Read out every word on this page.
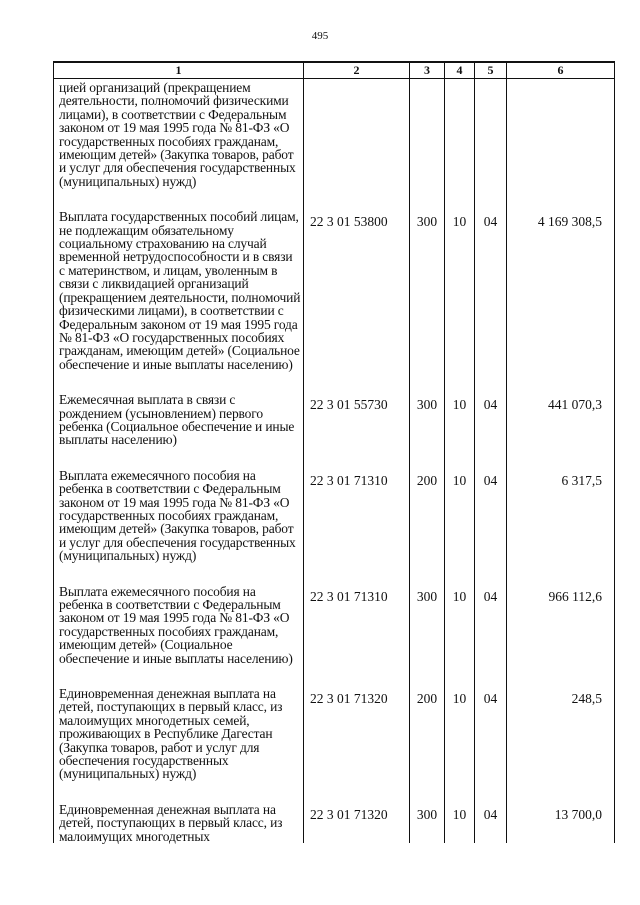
495
1	2	3	4	5	6
цией организаций (прекращением деятельности, полномочий физическими лицами), в соответствии с Федеральным законом от 19 мая 1995 года № 81-ФЗ «О государственных пособиях гражданам, имеющим детей» (Закупка товаров, работ и услуг для обеспечения государственных (муниципальных) нужд)					
Выплата государственных пособий лицам, не подлежащим обязательному социальному страхованию на случай временной нетрудоспособности и в связи с материнством, и лицам, уволенным в связи с ликвидацией организаций (прекращением деятельности, полномочий физическими лицами), в соответствии с Федеральным законом от 19 мая 1995 года № 81-ФЗ «О государственных пособиях гражданам, имеющим детей» (Социальное обеспечение и иные выплаты населению)	22 3 01 53800	300	10	04	4 169 308,5
Ежемесячная выплата в связи с рождением (усыновлением) первого ребенка (Социальное обеспечение и иные выплаты населению)	22 3 01 55730	300	10	04	441 070,3
Выплата ежемесячного пособия на ребенка в соответствии с Федеральным законом от 19 мая 1995 года № 81-ФЗ «О государственных пособиях гражданам, имеющим детей» (Закупка товаров, работ и услуг для обеспечения государственных (муниципальных) нужд)	22 3 01 71310	200	10	04	6 317,5
Выплата ежемесячного пособия на ребенка в соответствии с Федеральным законом от 19 мая 1995 года № 81-ФЗ «О государственных пособиях гражданам, имеющим детей» (Социальное обеспечение и иные выплаты населению)	22 3 01 71310	300	10	04	966 112,6
Единовременная денежная выплата на детей, поступающих в первый класс, из малоимущих многодетных семей, проживающих в Республике Дагестан (Закупка товаров, работ и услуг для обеспечения государственных (муниципальных) нужд)	22 3 01 71320	200	10	04	248,5
Единовременная денежная выплата на детей, поступающих в первый класс, из малоимущих многодетных	22 3 01 71320	300	10	04	13 700,0
